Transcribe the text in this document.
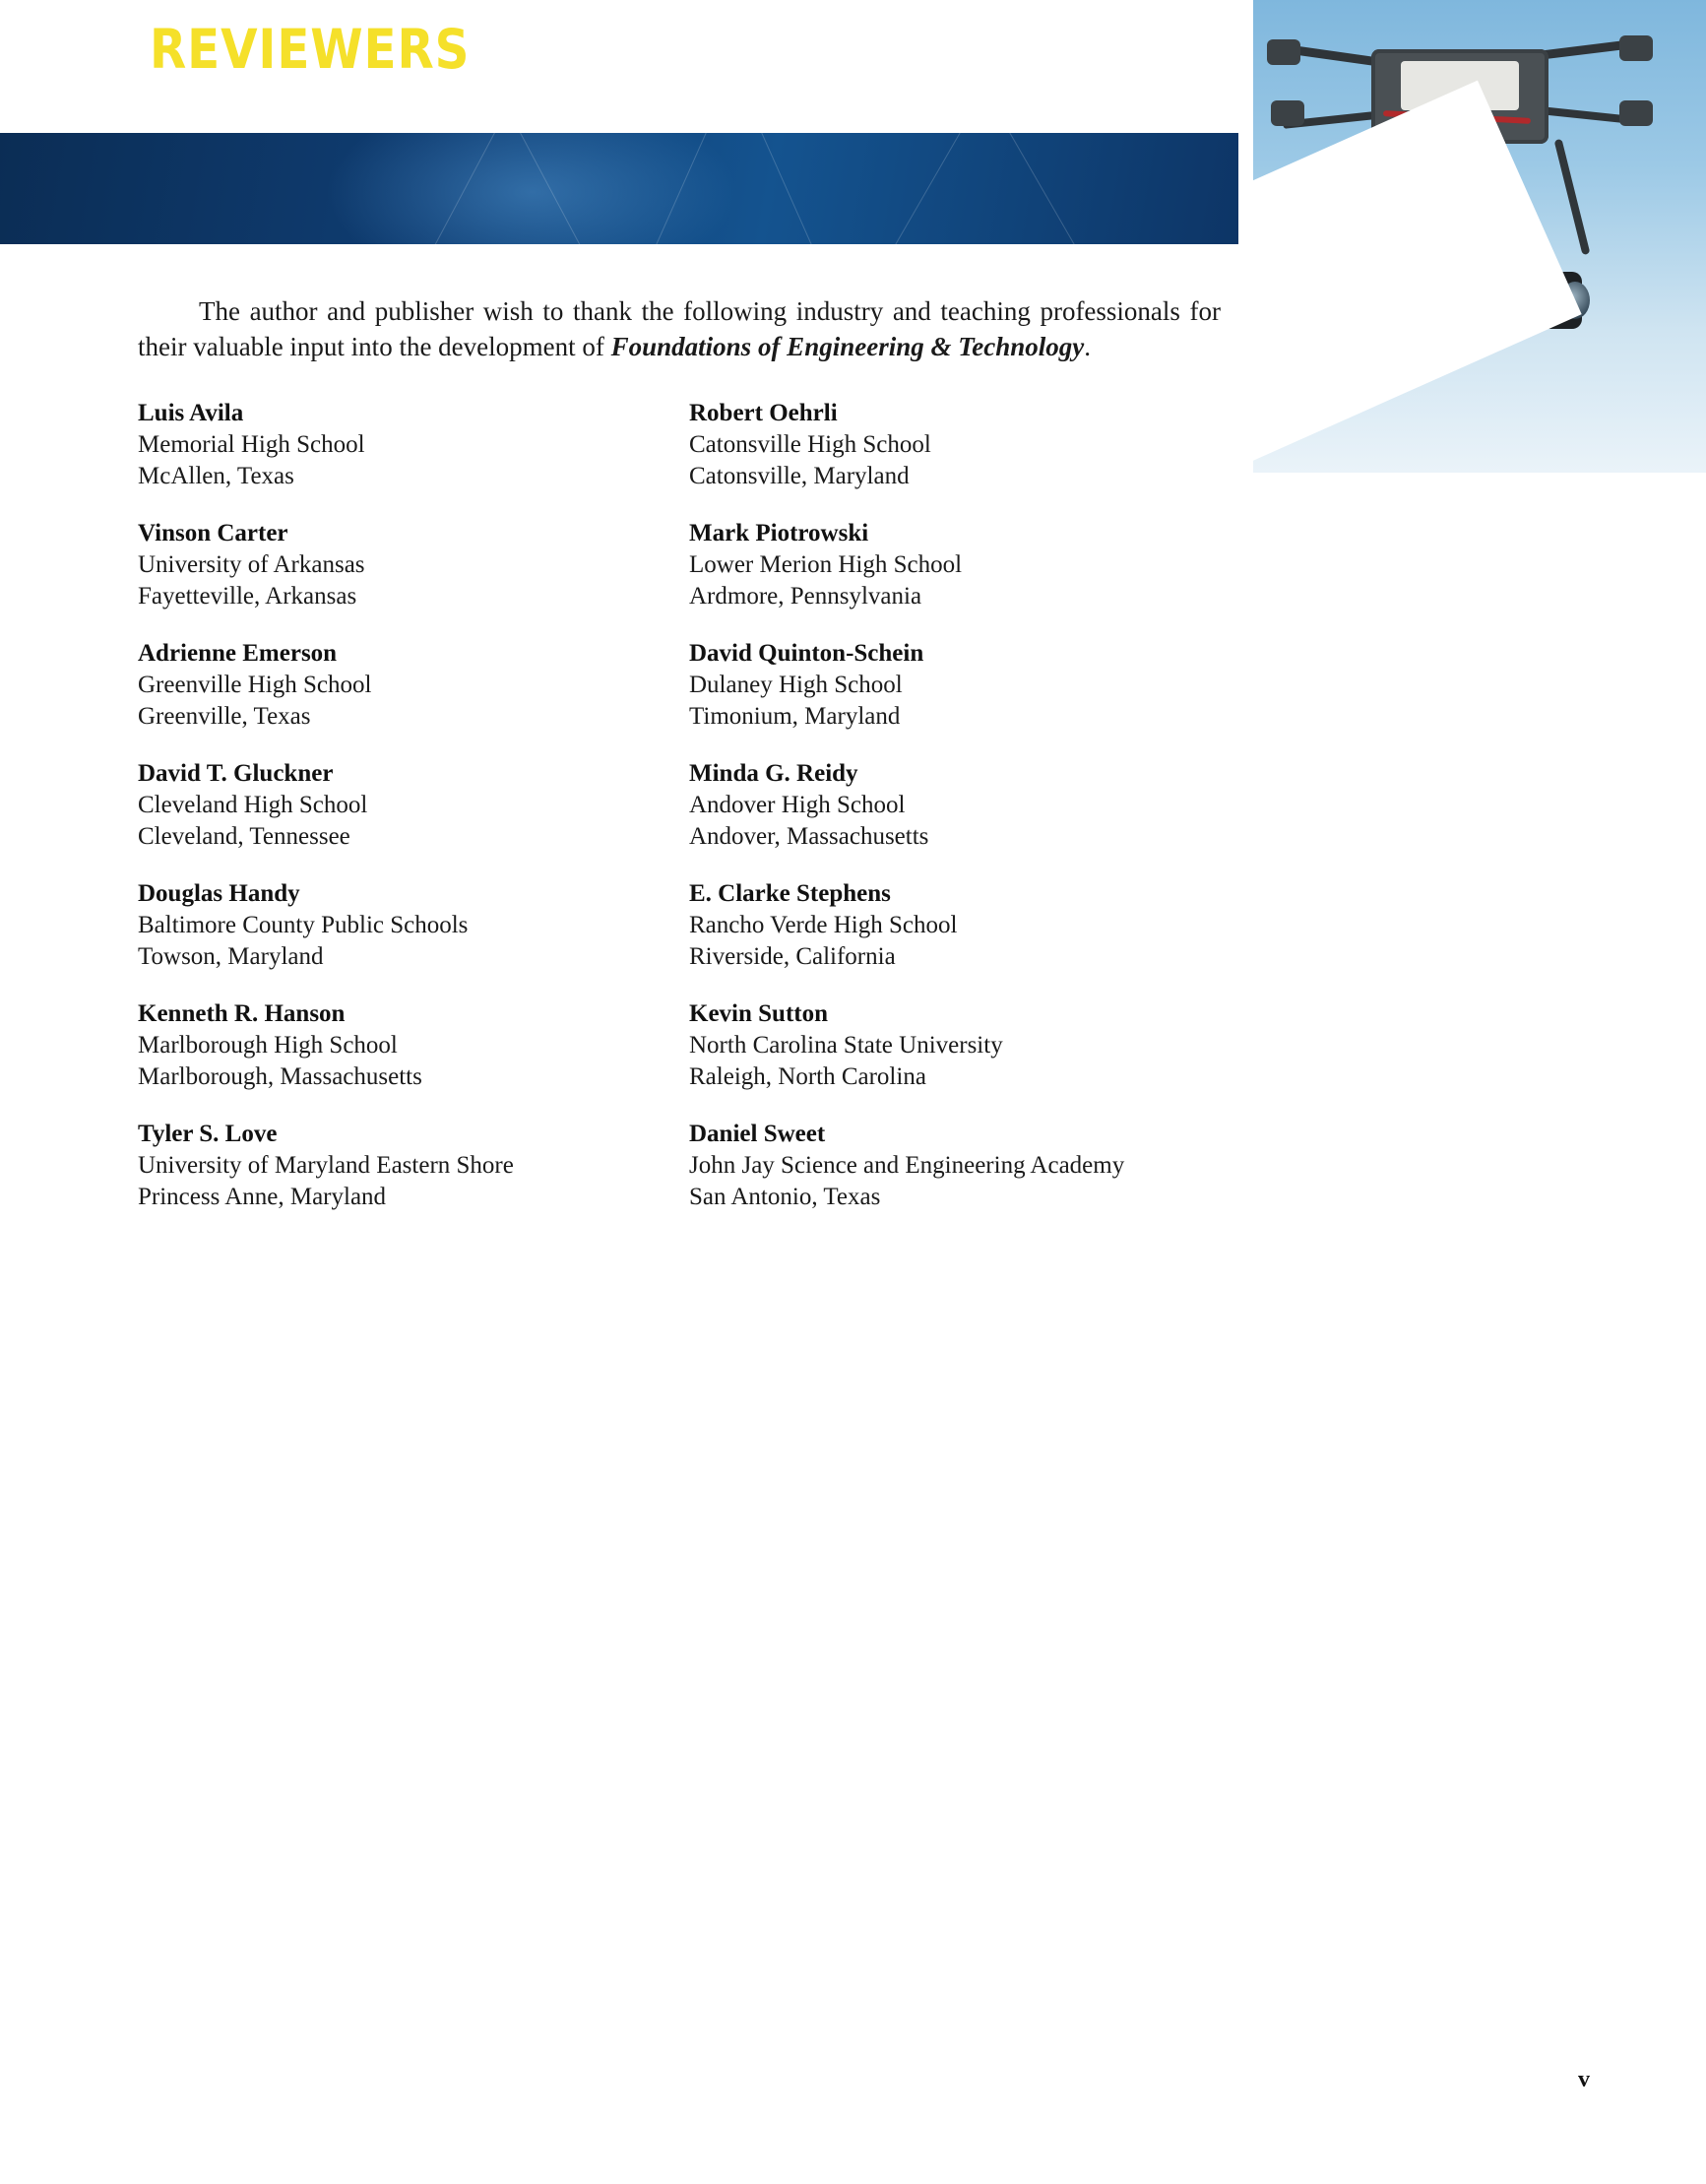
REVIEWERS

The author and publisher wish to thank the following industry and teaching professionals for their valuable input into the development of Foundations of Engineering & Technology.

Luis Avila
Memorial High School
McAllen, Texas
Vinson Carter
University of Arkansas
Fayetteville, Arkansas
Adrienne Emerson
Greenville High School
Greenville, Texas
David T. Gluckner
Cleveland High School
Cleveland, Tennessee
Douglas Handy
Baltimore County Public Schools
Towson, Maryland
Kenneth R. Hanson
Marlborough High School
Marlborough, Massachusetts
Tyler S. Love
University of Maryland Eastern Shore
Princess Anne, Maryland
Robert Oehrli
Catonsville High School
Catonsville, Maryland
Mark Piotrowski
Lower Merion High School
Ardmore, Pennsylvania
David Quinton-Schein
Dulaney High School
Timonium, Maryland
Minda G. Reidy
Andover High School
Andover, Massachusetts
E. Clarke Stephens
Rancho Verde High School
Riverside, California
Kevin Sutton
North Carolina State University
Raleigh, North Carolina
Daniel Sweet
John Jay Science and Engineering Academy
San Antonio, Texas
v
